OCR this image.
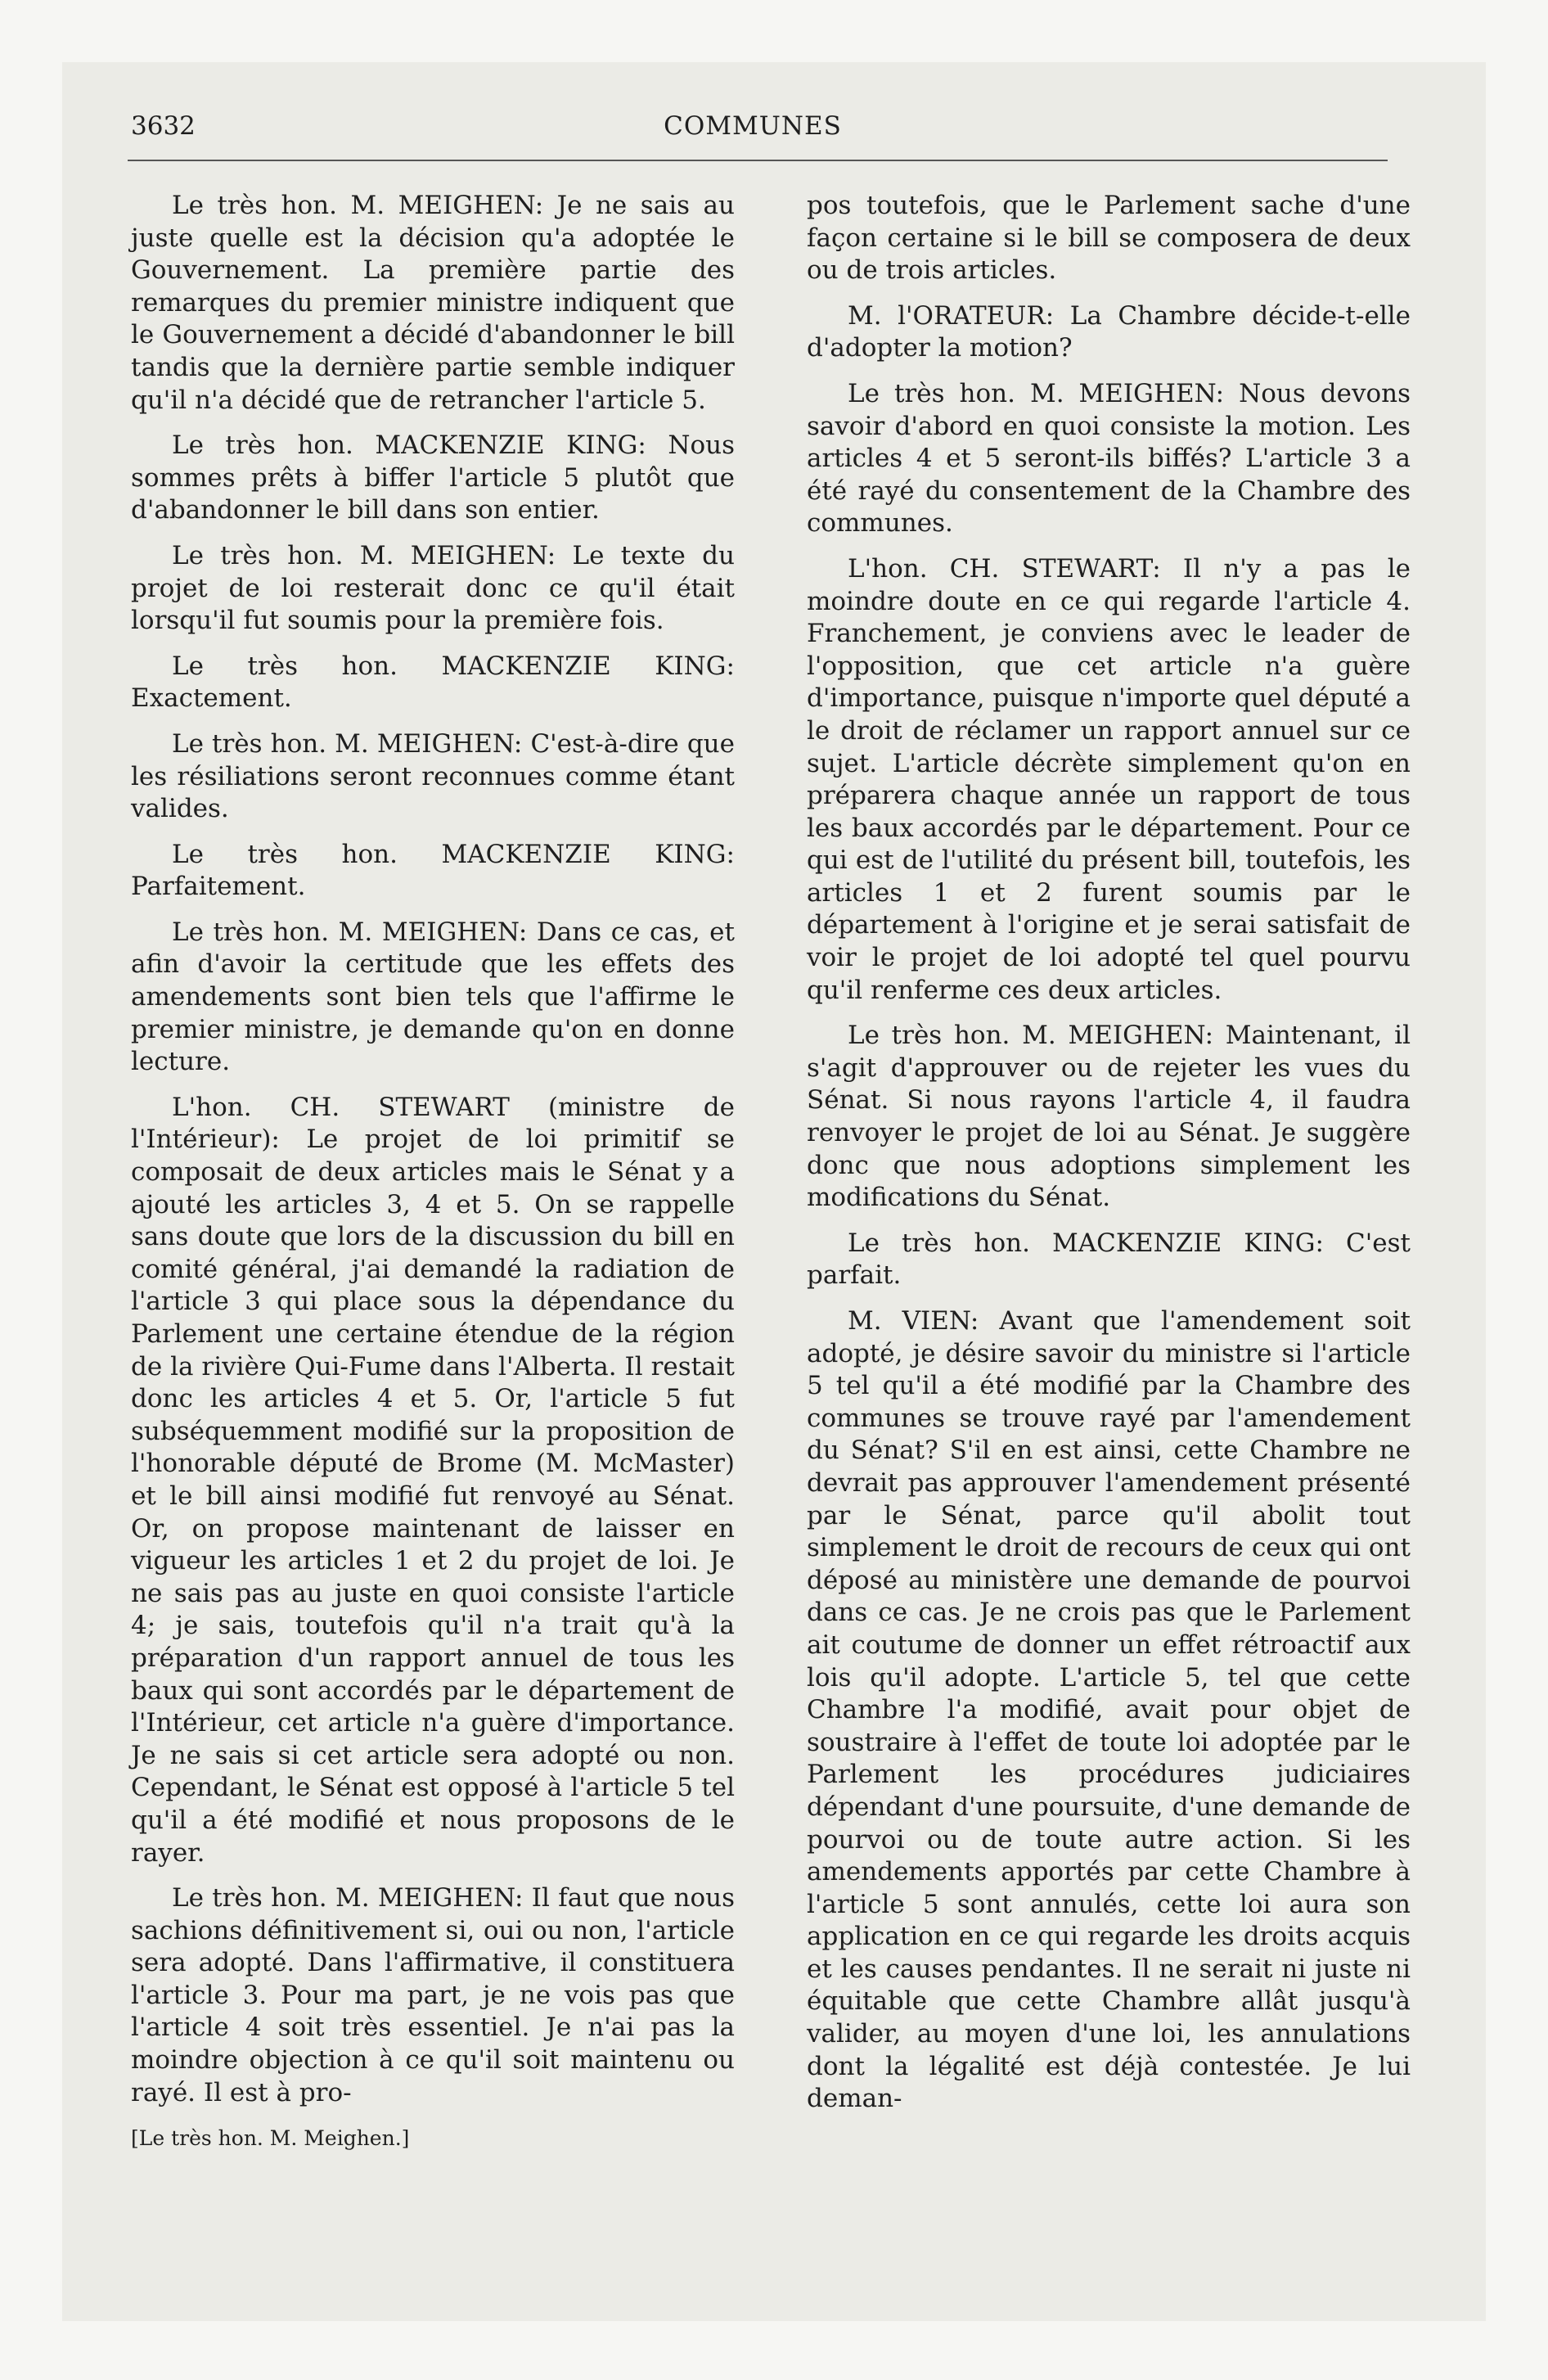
3632	COMMUNES

Le très hon. M. MEIGHEN: Je ne sais au juste quelle est la décision qu'a adoptée le Gouvernement. La première partie des remarques du premier ministre indiquent que le Gouvernement a décidé d'abandonner le bill tandis que la dernière partie semble indiquer qu'il n'a décidé que de retrancher l'article 5.

Le très hon. MACKENZIE KING: Nous sommes prêts à biffer l'article 5 plutôt que d'abandonner le bill dans son entier.

Le très hon. M. MEIGHEN: Le texte du projet de loi resterait donc ce qu'il était lorsqu'il fut soumis pour la première fois.

Le très hon. MACKENZIE KING: Exactement.

Le très hon. M. MEIGHEN: C'est-à-dire que les résiliations seront reconnues comme étant valides.

Le très hon. MACKENZIE KING: Parfaitement.

Le très hon. M. MEIGHEN: Dans ce cas, et afin d'avoir la certitude que les effets des amendements sont bien tels que l'affirme le premier ministre, je demande qu'on en donne lecture.

L'hon. CH. STEWART (ministre de l'Intérieur): Le projet de loi primitif se composait de deux articles mais le Sénat y a ajouté les articles 3, 4 et 5. On se rappelle sans doute que lors de la discussion du bill en comité général, j'ai demandé la radiation de l'article 3 qui place sous la dépendance du Parlement une certaine étendue de la région de la rivière Qui-Fume dans l'Alberta. Il restait donc les articles 4 et 5. Or, l'article 5 fut subséquemment modifié sur la proposition de l'honorable député de Brome (M. McMaster) et le bill ainsi modifié fut renvoyé au Sénat. Or, on propose maintenant de laisser en vigueur les articles 1 et 2 du projet de loi. Je ne sais pas au juste en quoi consiste l'article 4; je sais, toutefois qu'il n'a trait qu'à la préparation d'un rapport annuel de tous les baux qui sont accordés par le département de l'Intérieur, cet article n'a guère d'importance. Je ne sais si cet article sera adopté ou non. Cependant, le Sénat est opposé à l'article 5 tel qu'il a été modifié et nous proposons de le rayer.

Le très hon. M. MEIGHEN: Il faut que nous sachions définitivement si, oui ou non, l'article sera adopté. Dans l'affirmative, il constituera l'article 3. Pour ma part, je ne vois pas que l'article 4 soit très essentiel. Je n'ai pas la moindre objection à ce qu'il soit maintenu ou rayé. Il est à pro-

[Le très hon. M. Meighen.]

pos toutefois, que le Parlement sache d'une façon certaine si le bill se composera de deux ou de trois articles.

M. l'ORATEUR: La Chambre décide-t-elle d'adopter la motion?

Le très hon. M. MEIGHEN: Nous devons savoir d'abord en quoi consiste la motion. Les articles 4 et 5 seront-ils biffés? L'article 3 a été rayé du consentement de la Chambre des communes.

L'hon. CH. STEWART: Il n'y a pas le moindre doute en ce qui regarde l'article 4. Franchement, je conviens avec le leader de l'opposition, que cet article n'a guère d'importance, puisque n'importe quel député a le droit de réclamer un rapport annuel sur ce sujet. L'article décrète simplement qu'on en préparera chaque année un rapport de tous les baux accordés par le département. Pour ce qui est de l'utilité du présent bill, toutefois, les articles 1 et 2 furent soumis par le département à l'origine et je serai satisfait de voir le projet de loi adopté tel quel pourvu qu'il renferme ces deux articles.

Le très hon. M. MEIGHEN: Maintenant, il s'agit d'approuver ou de rejeter les vues du Sénat. Si nous rayons l'article 4, il faudra renvoyer le projet de loi au Sénat. Je suggère donc que nous adoptions simplement les modifications du Sénat.

Le très hon. MACKENZIE KING: C'est parfait.

M. VIEN: Avant que l'amendement soit adopté, je désire savoir du ministre si l'article 5 tel qu'il a été modifié par la Chambre des communes se trouve rayé par l'amendement du Sénat? S'il en est ainsi, cette Chambre ne devrait pas approuver l'amendement présenté par le Sénat, parce qu'il abolit tout simplement le droit de recours de ceux qui ont déposé au ministère une demande de pourvoi dans ce cas. Je ne crois pas que le Parlement ait coutume de donner un effet rétroactif aux lois qu'il adopte. L'article 5, tel que cette Chambre l'a modifié, avait pour objet de soustraire à l'effet de toute loi adoptée par le Parlement les procédures judiciaires dépendant d'une poursuite, d'une demande de pourvoi ou de toute autre action. Si les amendements apportés par cette Chambre à l'article 5 sont annulés, cette loi aura son application en ce qui regarde les droits acquis et les causes pendantes. Il ne serait ni juste ni équitable que cette Chambre allât jusqu'à valider, au moyen d'une loi, les annulations dont la légalité est déjà contestée. Je lui deman-
